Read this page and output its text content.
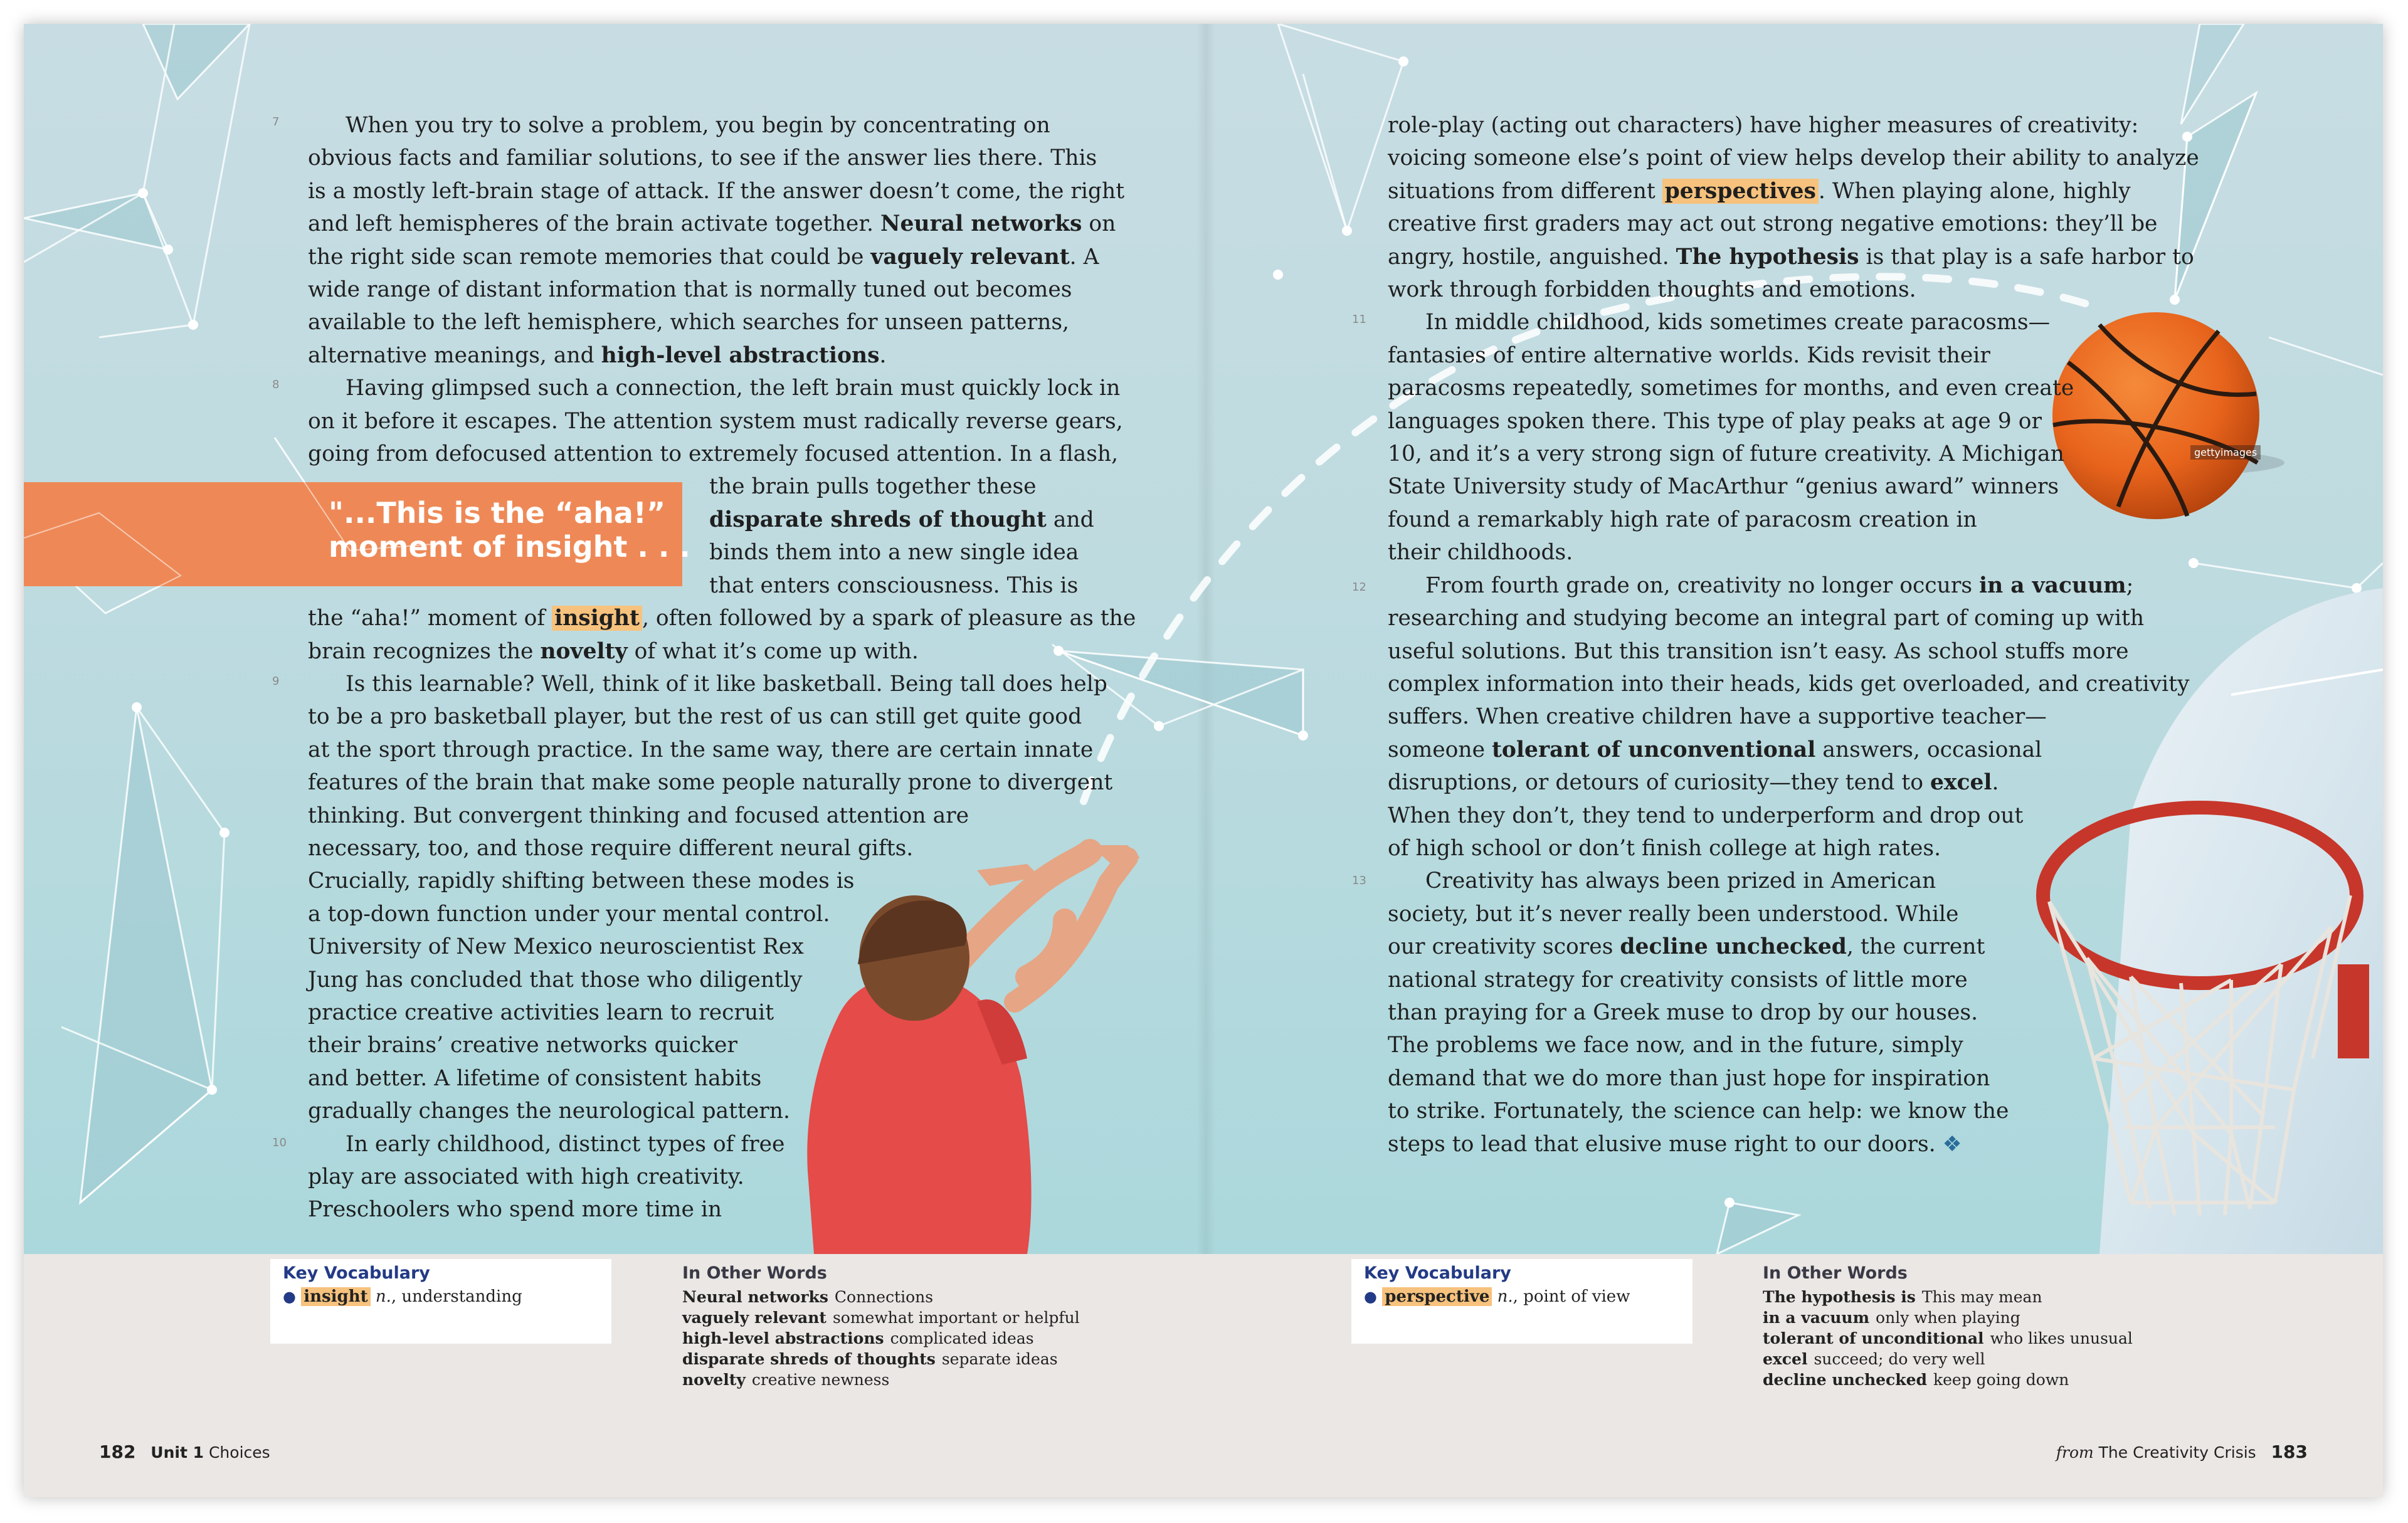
gettyimages
"...This is the “aha!”
moment of insight . . .
7
8
9
10
11
12
13

When you try to solve a problem, you begin by concentrating on

obvious facts and familiar solutions, to see if the answer lies there. This

is a mostly left-brain stage of attack. If the answer doesn’t come, the right

and left hemispheres of the brain activate together. Neural networks on

the right side scan remote memories that could be vaguely relevant. A

wide range of distant information that is normally tuned out becomes

available to the left hemisphere, which searches for unseen patterns,

alternative meanings, and high-level abstractions.

Having glimpsed such a connection, the left brain must quickly lock in

on it before it escapes. The attention system must radically reverse gears,

going from defocused attention to extremely focused attention. In a flash,

the brain pulls together these

disparate shreds of thought and

binds them into a new single idea

that enters consciousness. This is

the “aha!” moment of insight , often followed by a spark of pleasure as the

brain recognizes the novelty of what it’s come up with.

Is this learnable? Well, think of it like basketball. Being tall does help

to be a pro basketball player, but the rest of us can still get quite good

at the sport through practice. In the same way, there are certain innate

features of the brain that make some people naturally prone to divergent

thinking. But convergent thinking and focused attention are

necessary, too, and those require different neural gifts.

Crucially, rapidly shifting between these modes is

a top-down function under your mental control.

University of New Mexico neuroscientist Rex

Jung has concluded that those who diligently

practice creative activities learn to recruit

their brains’ creative networks quicker

and better. A lifetime of consistent habits

gradually changes the neurological pattern.

In early childhood, distinct types of free

play are associated with high creativity.

Preschoolers who spend more time in

role-play (acting out characters) have higher measures of creativity:

voicing someone else’s point of view helps develop their ability to analyze

situations from different perspectives . When playing alone, highly

creative first graders may act out strong negative emotions: they’ll be

angry, hostile, anguished. The hypothesis is that play is a safe harbor to

work through forbidden thoughts and emotions.

In middle childhood, kids sometimes create paracosms—

fantasies of entire alternative worlds. Kids revisit their

paracosms repeatedly, sometimes for months, and even create

languages spoken there. This type of play peaks at age 9 or

10, and it’s a very strong sign of future creativity. A Michigan

State University study of MacArthur “genius award” winners

found a remarkably high rate of paracosm creation in

their childhoods.

From fourth grade on, creativity no longer occurs in a vacuum;

researching and studying become an integral part of coming up with

useful solutions. But this transition isn’t easy. As school stuffs more

complex information into their heads, kids get overloaded, and creativity

suffers. When creative children have a supportive teacher—

someone tolerant of unconventional answers, occasional

disruptions, or detours of curiosity—they tend to excel.

When they don’t, they tend to underperform and drop out

of high school or don’t finish college at high rates.

Creativity has always been prized in American

society, but it’s never really been understood. While

our creativity scores decline unchecked, the current

national strategy for creativity consists of little more

than praying for a Greek muse to drop by our houses.

The problems we face now, and in the future, simply

demand that we do more than just hope for inspiration

to strike. Fortunately, the science can help: we know the

steps to lead that elusive muse right to our doors. ❖

Key Vocabulary
● insight n., understanding
In Other Words
Neural networks Connections
vaguely relevant somewhat important or helpful
high-level abstractions complicated ideas
disparate shreds of thoughts separate ideas
novelty creative newness
182 Unit 1 Choices
Key Vocabulary
● perspective n., point of view
In Other Words
The hypothesis is This may mean
in a vacuum only when playing
tolerant of unconditional who likes unusual
excel succeed; do very well
decline unchecked keep going down
from The Creativity Crisis 183
